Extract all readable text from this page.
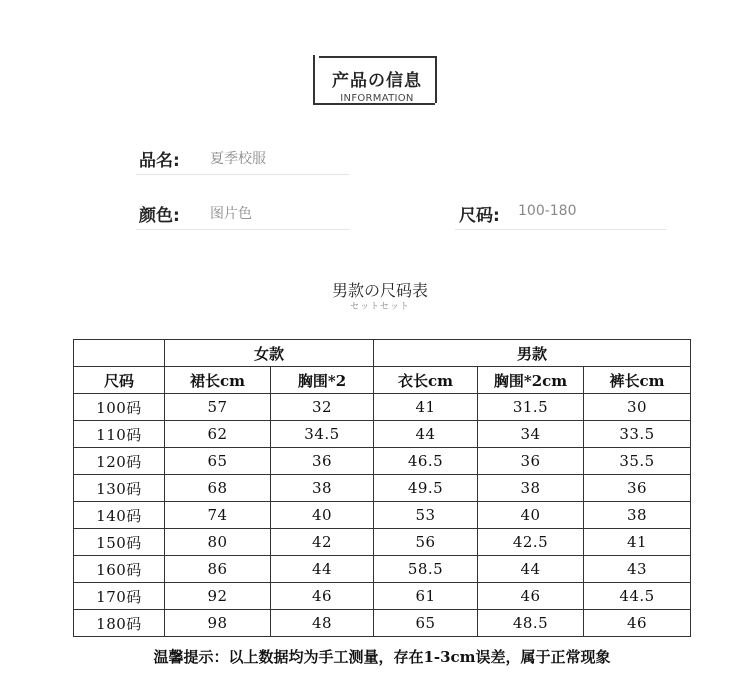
产品の信息
INFORMATION
品名: 夏季校服
颜色: 图片色	尺码: 100-180
男款の尺码表
セットセット
	女款		男款		
尺码	裙长cm	胸围*2	衣长cm	胸围*2cm	裤长cm
100码	57	32	41	31.5	30
110码	62	34.5	44	34	33.5
120码	65	36	46.5	36	35.5
130码	68	38	49.5	38	36
140码	74	40	53	40	38
150码	80	42	56	42.5	41
160码	86	44	58.5	44	43
170码	92	46	61	46	44.5
180码	98	48	65	48.5	46
温馨提示：以上数据均为手工测量，存在1-3cm误差，属于正常现象
